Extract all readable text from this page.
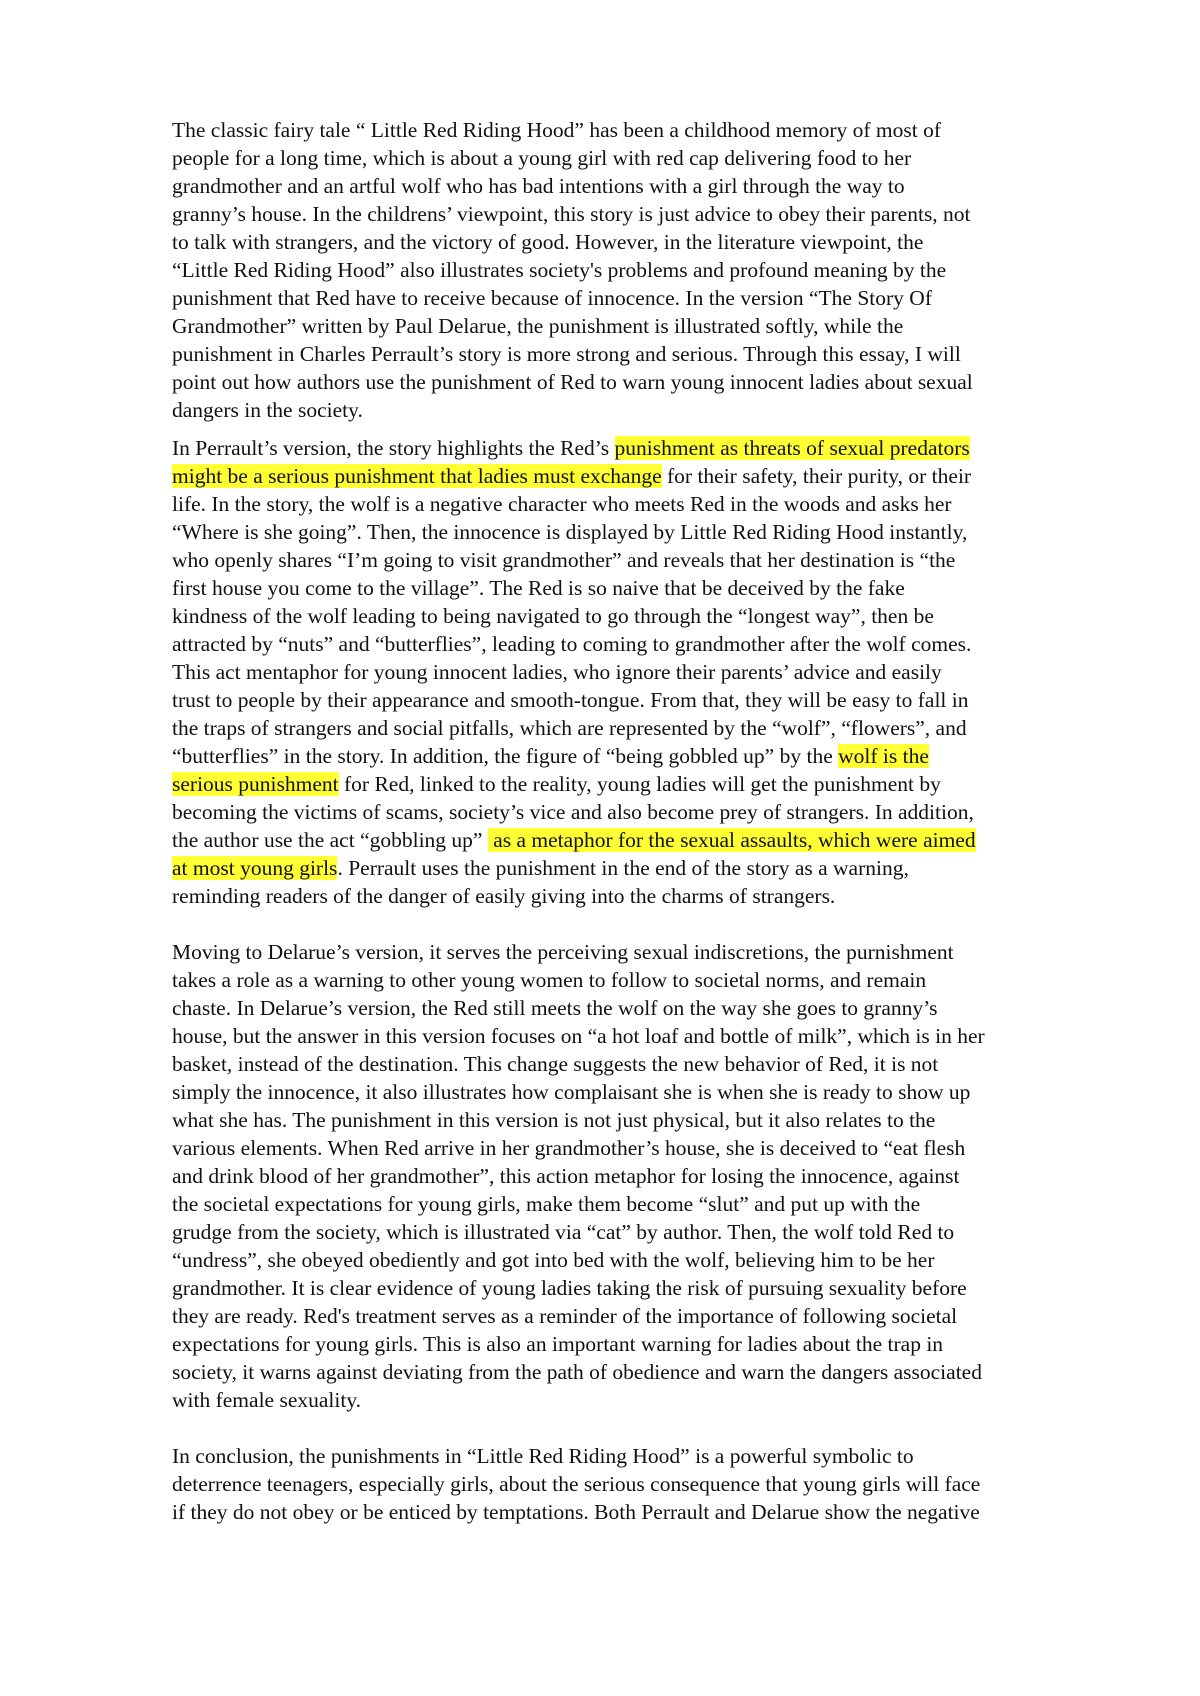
The classic fairy tale “ Little Red Riding Hood” has been a childhood memory of most of
people for a long time, which is about a young girl with red cap delivering food to her
grandmother and an artful wolf who has bad intentions with a girl through the way to
granny’s house. In the childrens’ viewpoint, this story is just advice to obey their parents, not
to talk with strangers, and the victory of good. However, in the literature viewpoint, the
“Little Red Riding Hood” also illustrates society's problems and profound meaning by the
punishment that Red have to receive because of innocence. In the version “The Story Of
Grandmother” written by Paul Delarue, the punishment is illustrated softly, while the
punishment in Charles Perrault’s story is more strong and serious. Through this essay, I will
point out how authors use the punishment of Red to warn young innocent ladies about sexual
dangers in the society.
In Perrault’s version, the story highlights the Red’s punishment as threats of sexual predators
might be a serious punishment that ladies must exchange for their safety, their purity, or their
life. In the story, the wolf is a negative character who meets Red in the woods and asks her
“Where is she going”. Then, the innocence is displayed by Little Red Riding Hood instantly,
who openly shares “I’m going to visit grandmother” and reveals that her destination is “the
first house you come to the village”. The Red is so naive that be deceived by the fake
kindness of the wolf leading to being navigated to go through the “longest way”, then be
attracted by “nuts” and “butterflies”, leading to coming to grandmother after the wolf comes.
This act mentaphor for young innocent ladies, who ignore their parents’ advice and easily
trust to people by their appearance and smooth-tongue. From that, they will be easy to fall in
the traps of strangers and social pitfalls, which are represented by the “wolf”, “flowers”, and
“butterflies” in the story. In addition, the figure of “being gobbled up” by the wolf is the
serious punishment for Red, linked to the reality, young ladies will get the punishment by
becoming the victims of scams, society’s vice and also become prey of strangers. In addition,
the author use the act “gobbling up”  as a metaphor for the sexual assaults, which were aimed
at most young girls. Perrault uses the punishment in the end of the story as a warning,
reminding readers of the danger of easily giving into the charms of strangers.
Moving to Delarue’s version, it serves the perceiving sexual indiscretions, the purnishment
takes a role as a warning to other young women to follow to societal norms, and remain
chaste. In Delarue’s version, the Red still meets the wolf on the way she goes to granny’s
house, but the answer in this version focuses on “a hot loaf and bottle of milk”, which is in her
basket, instead of the destination. This change suggests the new behavior of Red, it is not
simply the innocence, it also illustrates how complaisant she is when she is ready to show up
what she has. The punishment in this version is not just physical, but it also relates to the
various elements. When Red arrive in her grandmother’s house, she is deceived to “eat flesh
and drink blood of her grandmother”, this action metaphor for losing the innocence, against
the societal expectations for young girls, make them become “slut” and put up with the
grudge from the society, which is illustrated via “cat” by author. Then, the wolf told Red to
“undress”, she obeyed obediently and got into bed with the wolf, believing him to be her
grandmother. It is clear evidence of young ladies taking the risk of pursuing sexuality before
they are ready. Red's treatment serves as a reminder of the importance of following societal
expectations for young girls. This is also an important warning for ladies about the trap in
society, it warns against deviating from the path of obedience and warn the dangers associated
with female sexuality.
In conclusion, the punishments in “Little Red Riding Hood” is a powerful symbolic to
deterrence teenagers, especially girls, about the serious consequence that young girls will face
if they do not obey or be enticed by temptations. Both Perrault and Delarue show the negative
